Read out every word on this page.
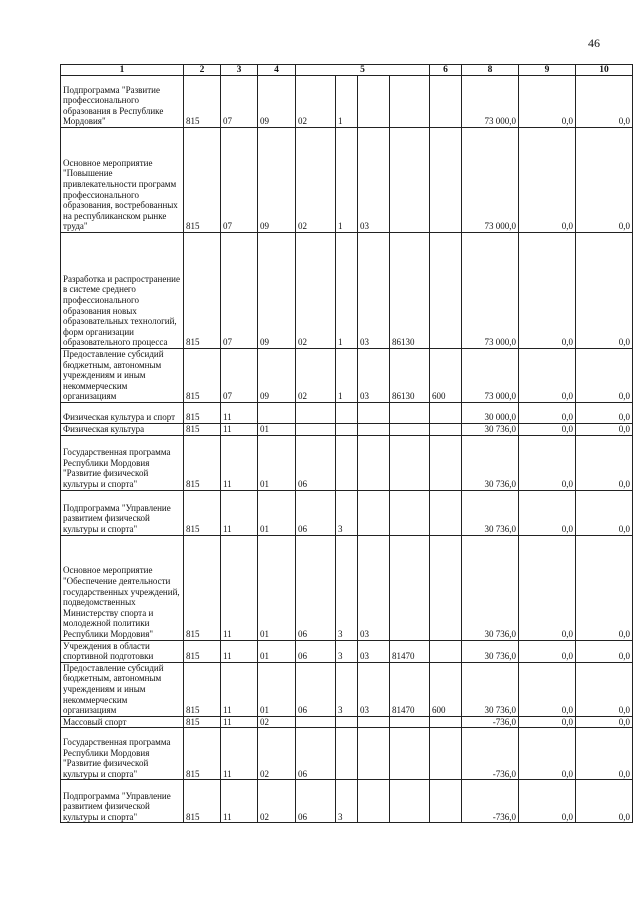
46
1	2	3	4	5				6	8	9	10
Подпрограмма "Развитие профессионального образования в Республике Мордовия"	815	07	09	02	1				73 000,0	0,0	0,0
Основное мероприятие "Повышение привлекательности программ профессионального образования, востребованных на республиканском рынке труда"	815	07	09	02	1	03			73 000,0	0,0	0,0
Разработка и распространение в системе среднего профессионального образования новых образовательных технологий, форм организации образовательного процесса	815	07	09	02	1	03	86130		73 000,0	0,0	0,0
Предоставление субсидий бюджетным, автономным учреждениям и иным некоммерческим организациям	815	07	09	02	1	03	86130	600	73 000,0	0,0	0,0
Физическая культура и спорт	815	11							30 000,0	0,0	0,0
Физическая культура	815	11	01						30 736,0	0,0	0,0
Государственная программа Республики Мордовия "Развитие физической культуры и спорта"	815	11	01	06					30 736,0	0,0	0,0
Подпрограмма "Управление развитием физической культуры и спорта"	815	11	01	06	3				30 736,0	0,0	0,0
Основное мероприятие "Обеспечение деятельности государственных учреждений, подведомственных Министерству спорта и молодежной политики Республики Мордовия"	815	11	01	06	3	03			30 736,0	0,0	0,0
Учреждения в области спортивной подготовки	815	11	01	06	3	03	81470		30 736,0	0,0	0,0
Предоставление субсидий бюджетным, автономным учреждениям и иным некоммерческим организациям	815	11	01	06	3	03	81470	600	30 736,0	0,0	0,0
Массовый спорт	815	11	02						-736,0	0,0	0,0
Государственная программа Республики Мордовия "Развитие физической культуры и спорта"	815	11	02	06					-736,0	0,0	0,0
Подпрограмма "Управление развитием физической культуры и спорта"	815	11	02	06	3				-736,0	0,0	0,0
